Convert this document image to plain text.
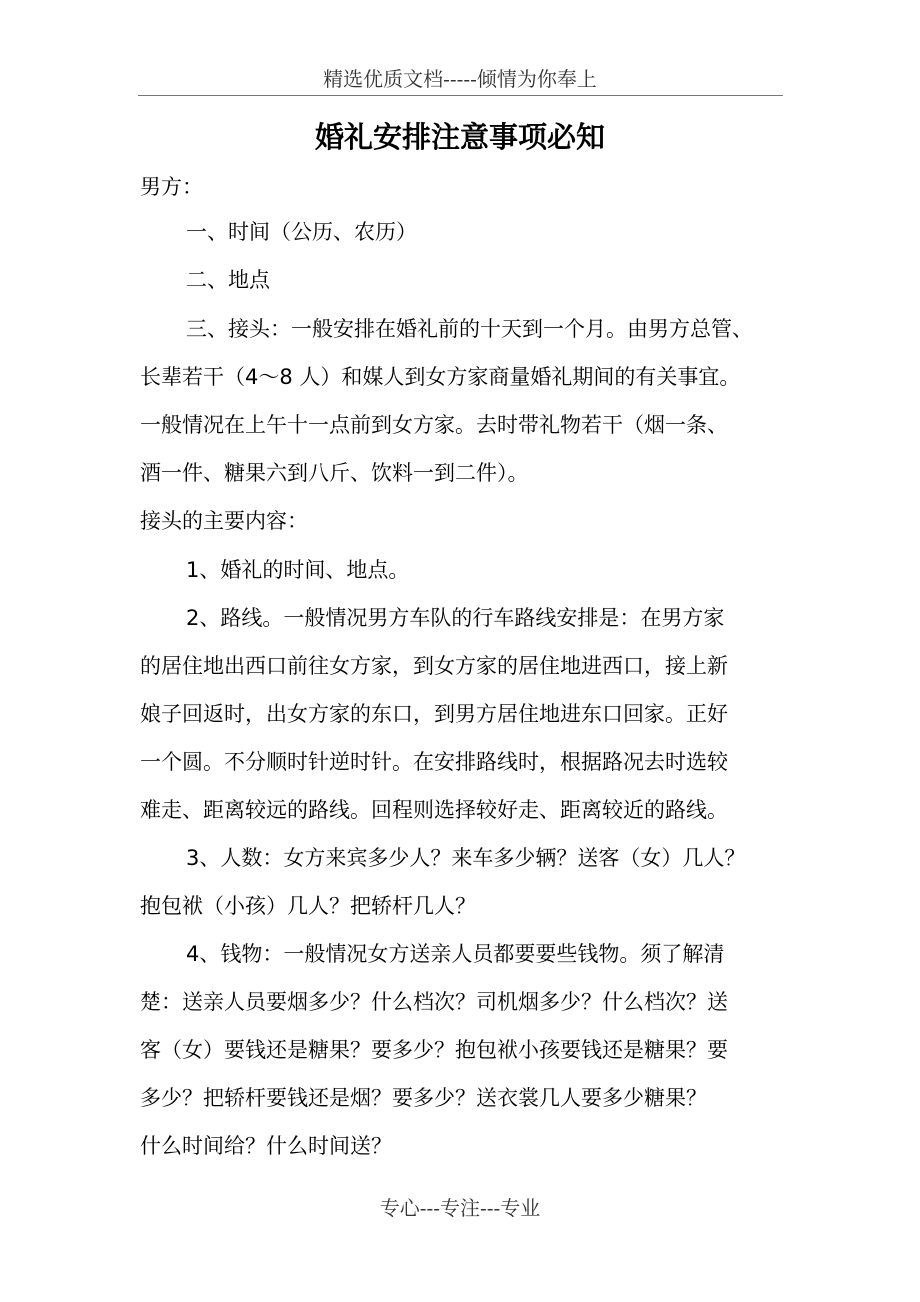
精选优质文档-----倾情为你奉上
婚礼安排注意事项必知
男方：
一、时间（公历、农历）
二、地点
三、接头：一般安排在婚礼前的十天到一个月。由男方总管、
长辈若干（4～8 人）和媒人到女方家商量婚礼期间的有关事宜。
一般情况在上午十一点前到女方家。去时带礼物若干（烟一条、
酒一件、糖果六到八斤、饮料一到二件）。
接头的主要内容：
1、婚礼的时间、地点。
2、路线。一般情况男方车队的行车路线安排是：在男方家
的居住地出西口前往女方家，到女方家的居住地进西口，接上新
娘子回返时，出女方家的东口，到男方居住地进东口回家。正好
一个圆。不分顺时针逆时针。在安排路线时，根据路况去时选较
难走、距离较远的路线。回程则选择较好走、距离较近的路线。
3、人数：女方来宾多少人？来车多少辆？送客（女）几人？
抱包袱（小孩）几人？把轿杆几人？
4、钱物：一般情况女方送亲人员都要要些钱物。须了解清
楚：送亲人员要烟多少？什么档次？司机烟多少？什么档次？送
客（女）要钱还是糖果？要多少？抱包袱小孩要钱还是糖果？要
多少？把轿杆要钱还是烟？要多少？送衣裳几人要多少糖果？
什么时间给？什么时间送？
专心---专注---专业
